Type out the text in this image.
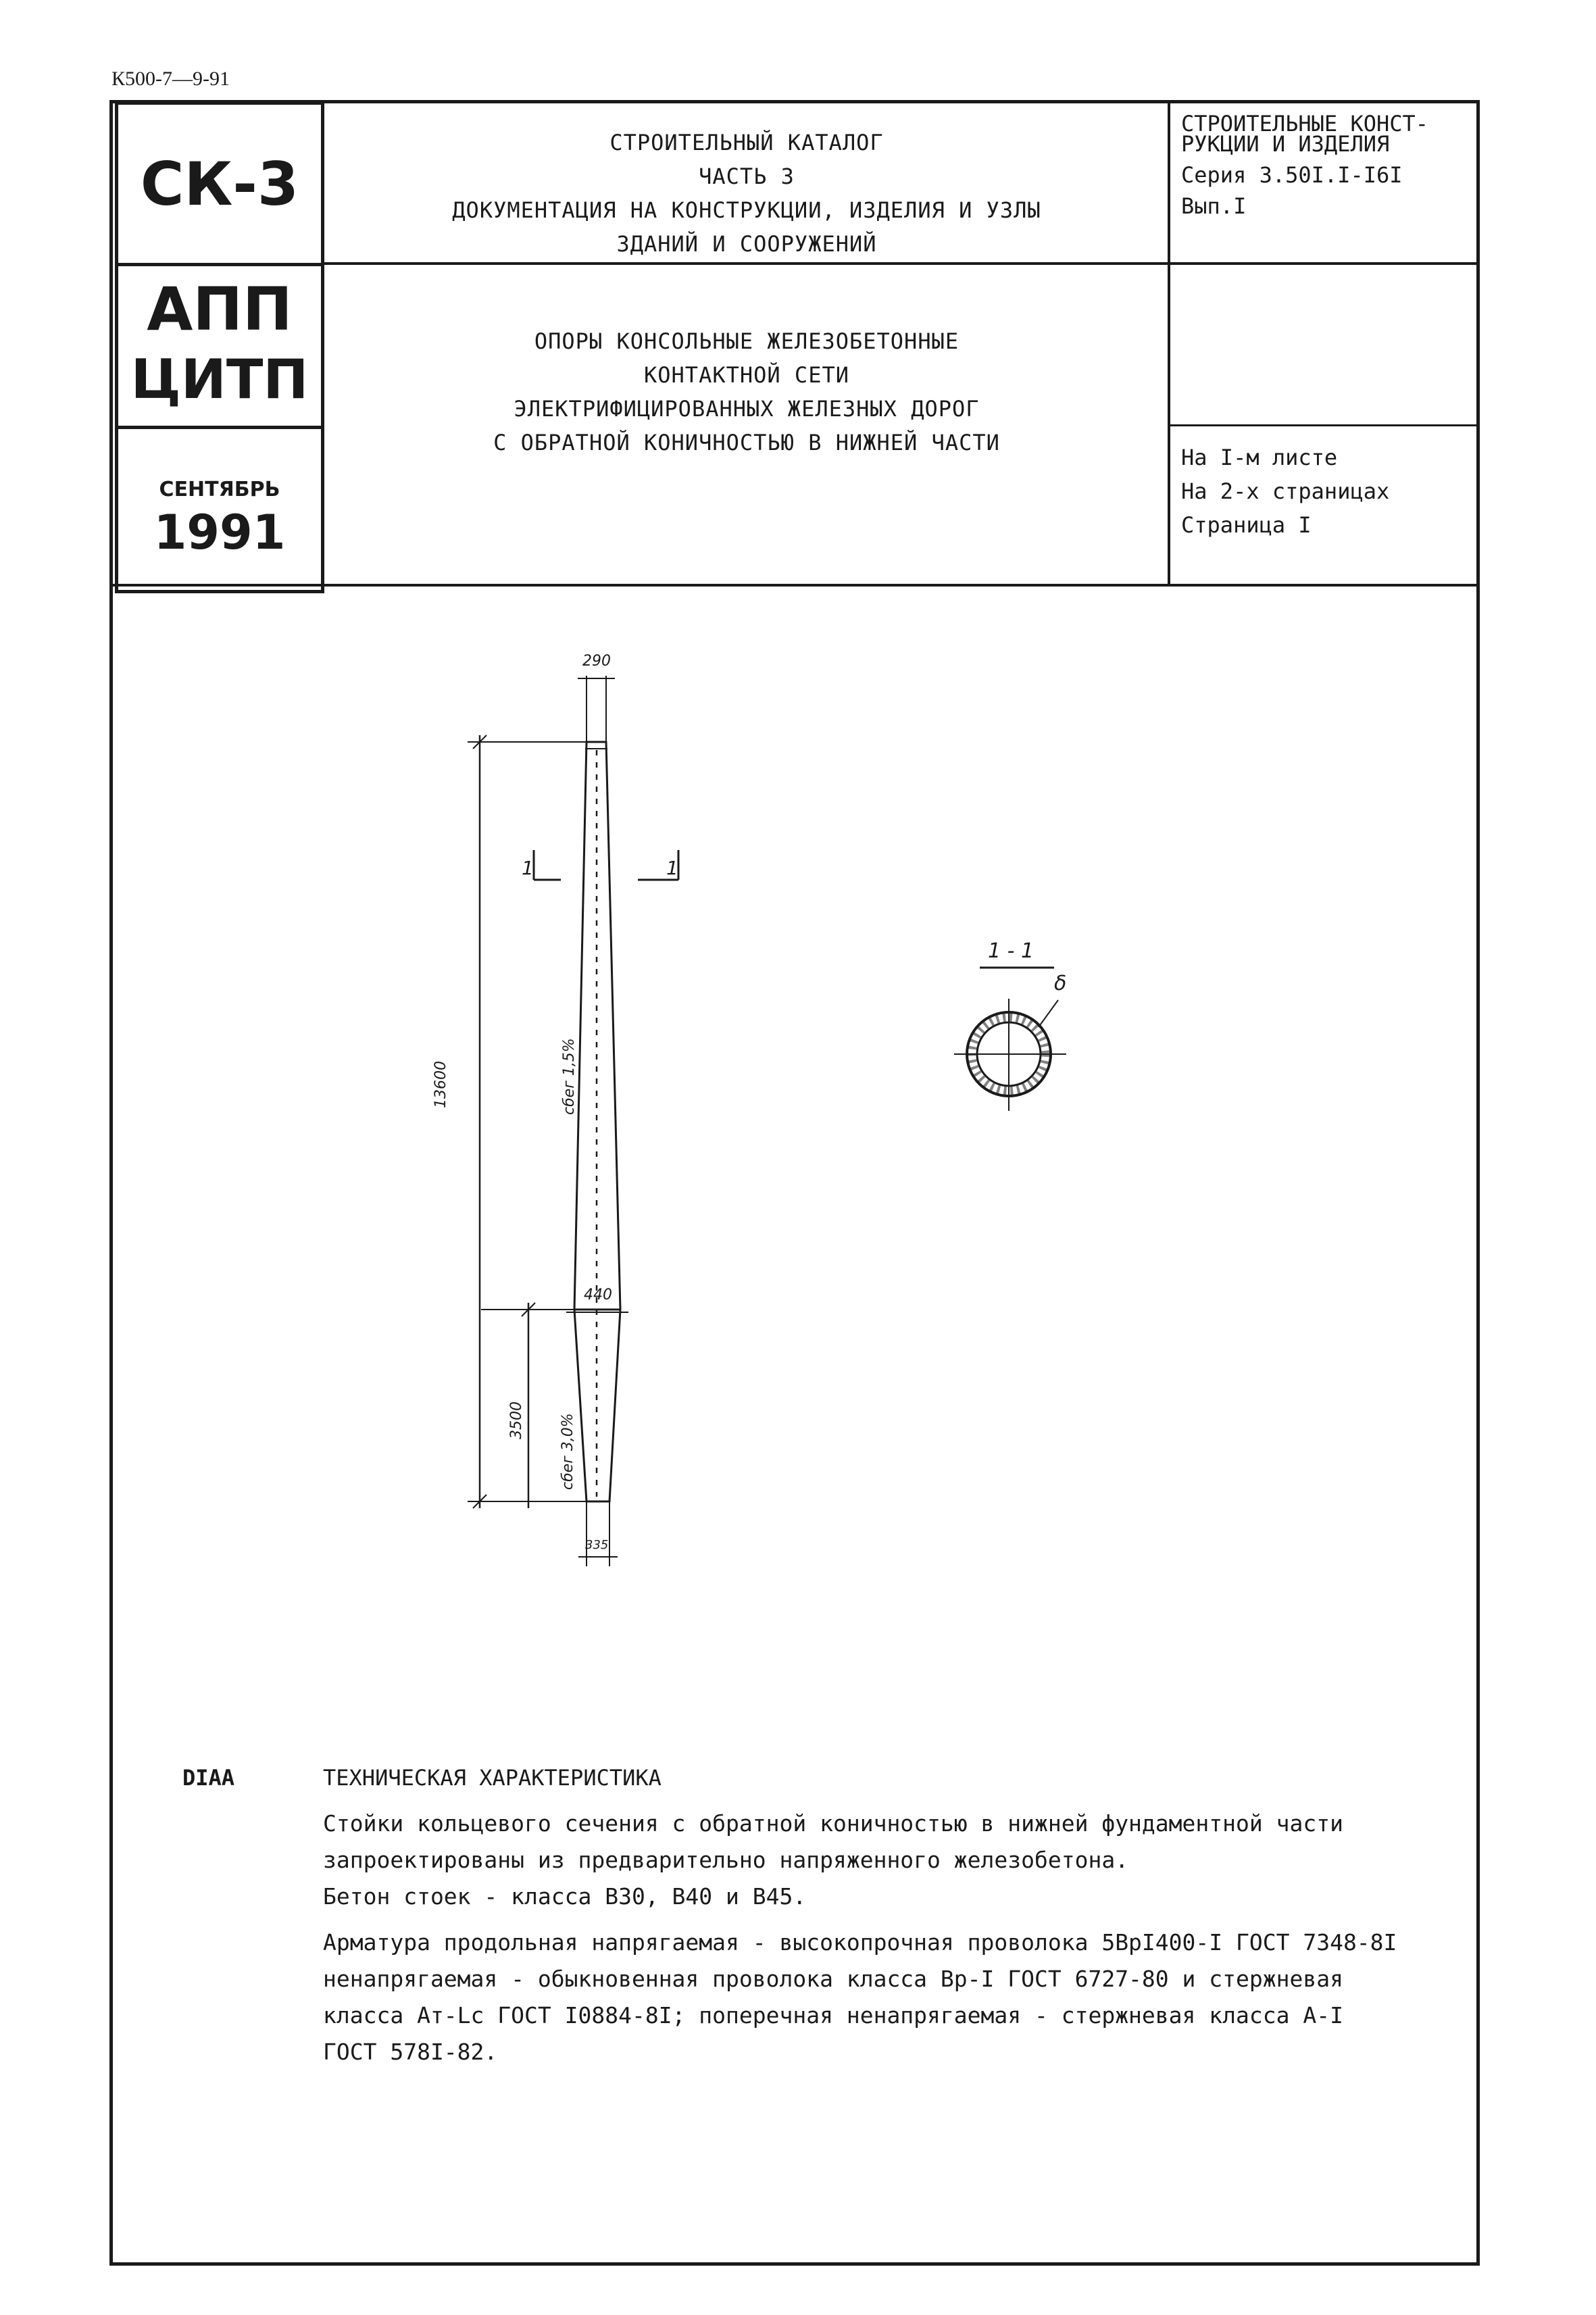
К500-7—9-91
СК-3
АПП
ЦИТП
СЕНТЯБРЬ
1991
СТРОИТЕЛЬНЫЙ КАТАЛОГ
ЧАСТЬ 3
ДОКУМЕНТАЦИЯ НА КОНСТРУКЦИИ, ИЗДЕЛИЯ И УЗЛЫ
ЗДАНИЙ И СООРУЖЕНИЙ
ОПОРЫ КОНСОЛЬНЫЕ ЖЕЛЕЗОБЕТОННЫЕ
КОНТАКТНОЙ СЕТИ
ЭЛЕКТРИФИЦИРОВАННЫХ ЖЕЛЕЗНЫХ ДОРОГ
С ОБРАТНОЙ КОНИЧНОСТЬЮ В НИЖНЕЙ ЧАСТИ
СТРОИТЕЛЬНЫЕ КОНСТ-
РУКЦИИ И ИЗДЕЛИЯ
Серия 3.50I.I-I6I
Вып.I
На I-м листе
На 2-х страницах
Страница I
290
13600
1	1
сбег 1,5%
440
3500 сбег 3,0%
335
1 - 1
δ
DIAA	ТЕХНИЧЕСКАЯ ХАРАКТЕРИСТИКА
Стойки кольцевого сечения с обратной коничностью в нижней фундаментной части
запроектированы из предварительно напряженного железобетона.
Бетон стоек - класса В30, В40 и В45.
Арматура продольная напрягаемая - высокопрочная проволока 5ВрI400-I ГОСТ 7348-8I
ненапрягаемая - обыкновенная проволока класса Вр-I ГОСТ 6727-80 и стержневая
класса Ат-Lc ГОСТ I0884-8I; поперечная ненапрягаемая - стержневая класса А-I
ГОСТ 578I-82.
